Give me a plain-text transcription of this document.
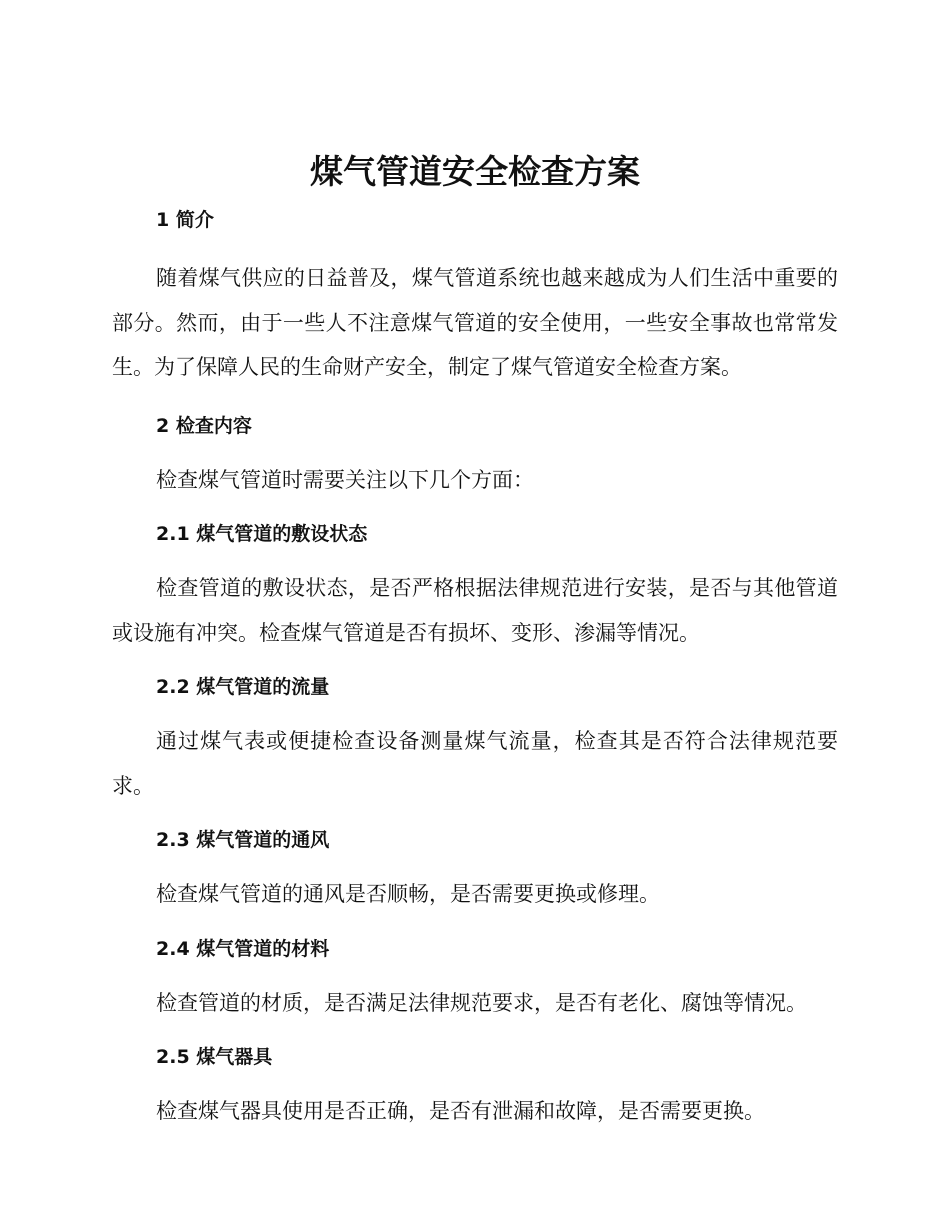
煤气管道安全检查方案
1 简介

随着煤气供应的日益普及，煤气管道系统也越来越成为人们生活中重要的部分。然而，由于一些人不注意煤气管道的安全使用，一些安全事故也常常发生。为了保障人民的生命财产安全，制定了煤气管道安全检查方案。

2 检查内容

检查煤气管道时需要关注以下几个方面：

2.1 煤气管道的敷设状态

检查管道的敷设状态，是否严格根据法律规范进行安装，是否与其他管道或设施有冲突。检查煤气管道是否有损坏、变形、渗漏等情况。

2.2 煤气管道的流量

通过煤气表或便捷检查设备测量煤气流量，检查其是否符合法律规范要求。

2.3 煤气管道的通风

检查煤气管道的通风是否顺畅，是否需要更换或修理。

2.4 煤气管道的材料

检查管道的材质，是否满足法律规范要求，是否有老化、腐蚀等情况。

2.5 煤气器具

检查煤气器具使用是否正确，是否有泄漏和故障，是否需要更换。
